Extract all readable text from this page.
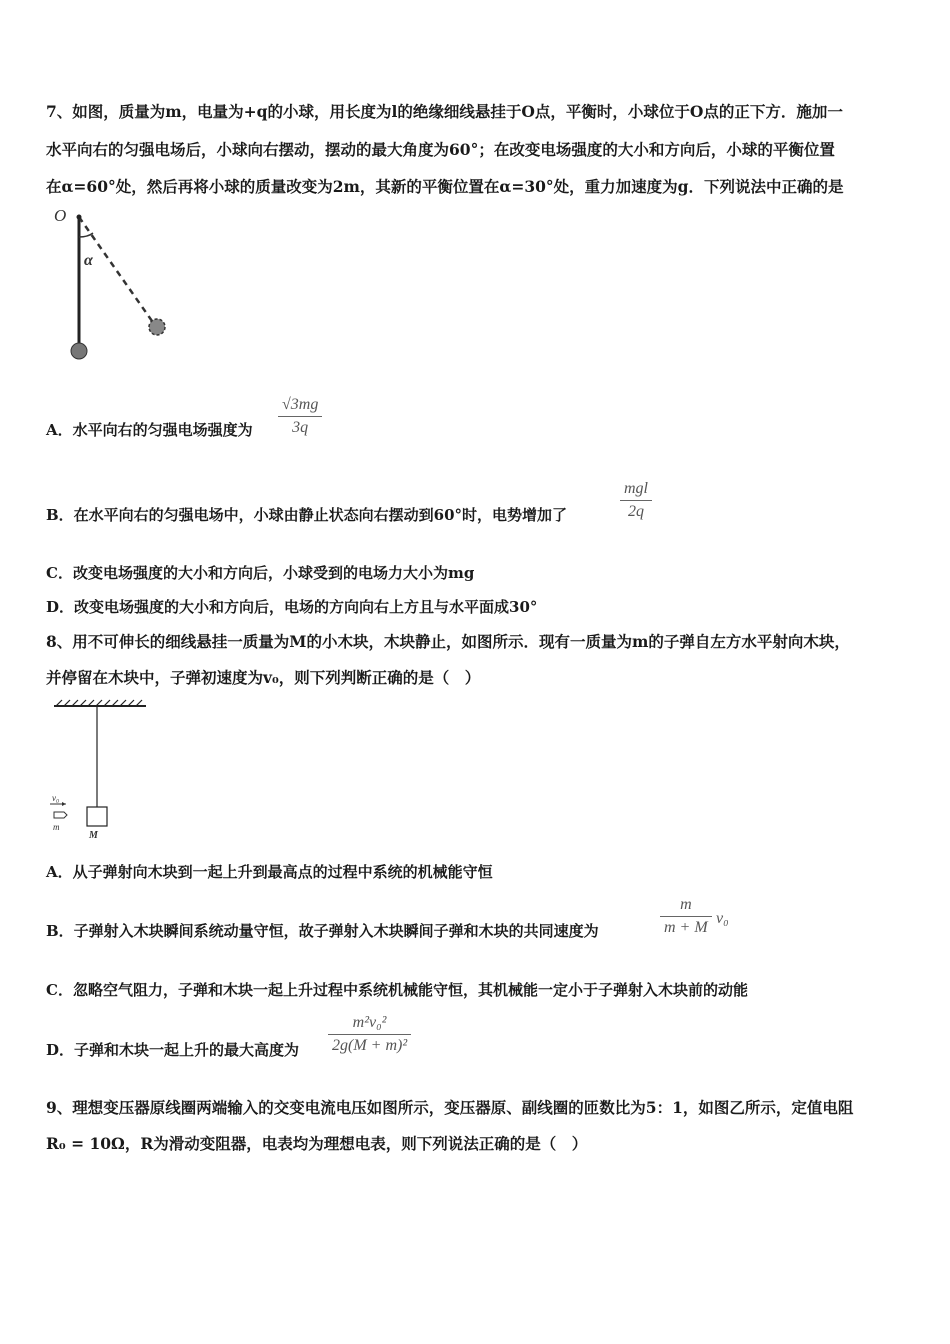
7、如图，质量为m，电量为+q的小球，用长度为l的绝缘细线悬挂于O点，平衡时，小球位于O点的正下方．施加一
水平向右的匀强电场后，小球向右摆动，摆动的最大角度为60°；在改变电场强度的大小和方向后，小球的平衡位置
在α=60°处，然后再将小球的质量改变为2m，其新的平衡位置在α=30°处，重力加速度为g．下列说法中正确的是
O
α
A．水平向右的匀强电场强度为
√3mg
3q
B．在水平向右的匀强电场中，小球由静止状态向右摆动到60°时，电势增加了
mgl
2q
C．改变电场强度的大小和方向后，小球受到的电场力大小为mg
D．改变电场强度的大小和方向后，电场的方向向右上方且与水平面成30°
8、用不可伸长的细线悬挂一质量为M的小木块，木块静止，如图所示．现有一质量为m的子弹自左方水平射向木块，
并停留在木块中，子弹初速度为v₀，则下列判断正确的是（　）
M
v₀
m
A．从子弹射向木块到一起上升到最高点的过程中系统的机械能守恒
B．子弹射入木块瞬间系统动量守恒，故子弹射入木块瞬间子弹和木块的共同速度为
m
m + M
v₀
C．忽略空气阻力，子弹和木块一起上升过程中系统机械能守恒，其机械能一定小于子弹射入木块前的动能
D．子弹和木块一起上升的最大高度为
m²v₀²
2g(M + m)²
9、理想变压器原线圈两端输入的交变电流电压如图所示，变压器原、副线圈的匝数比为5：1，如图乙所示，定值电阻
R₀ = 10Ω，R为滑动变阻器，电表均为理想电表，则下列说法正确的是（　）
